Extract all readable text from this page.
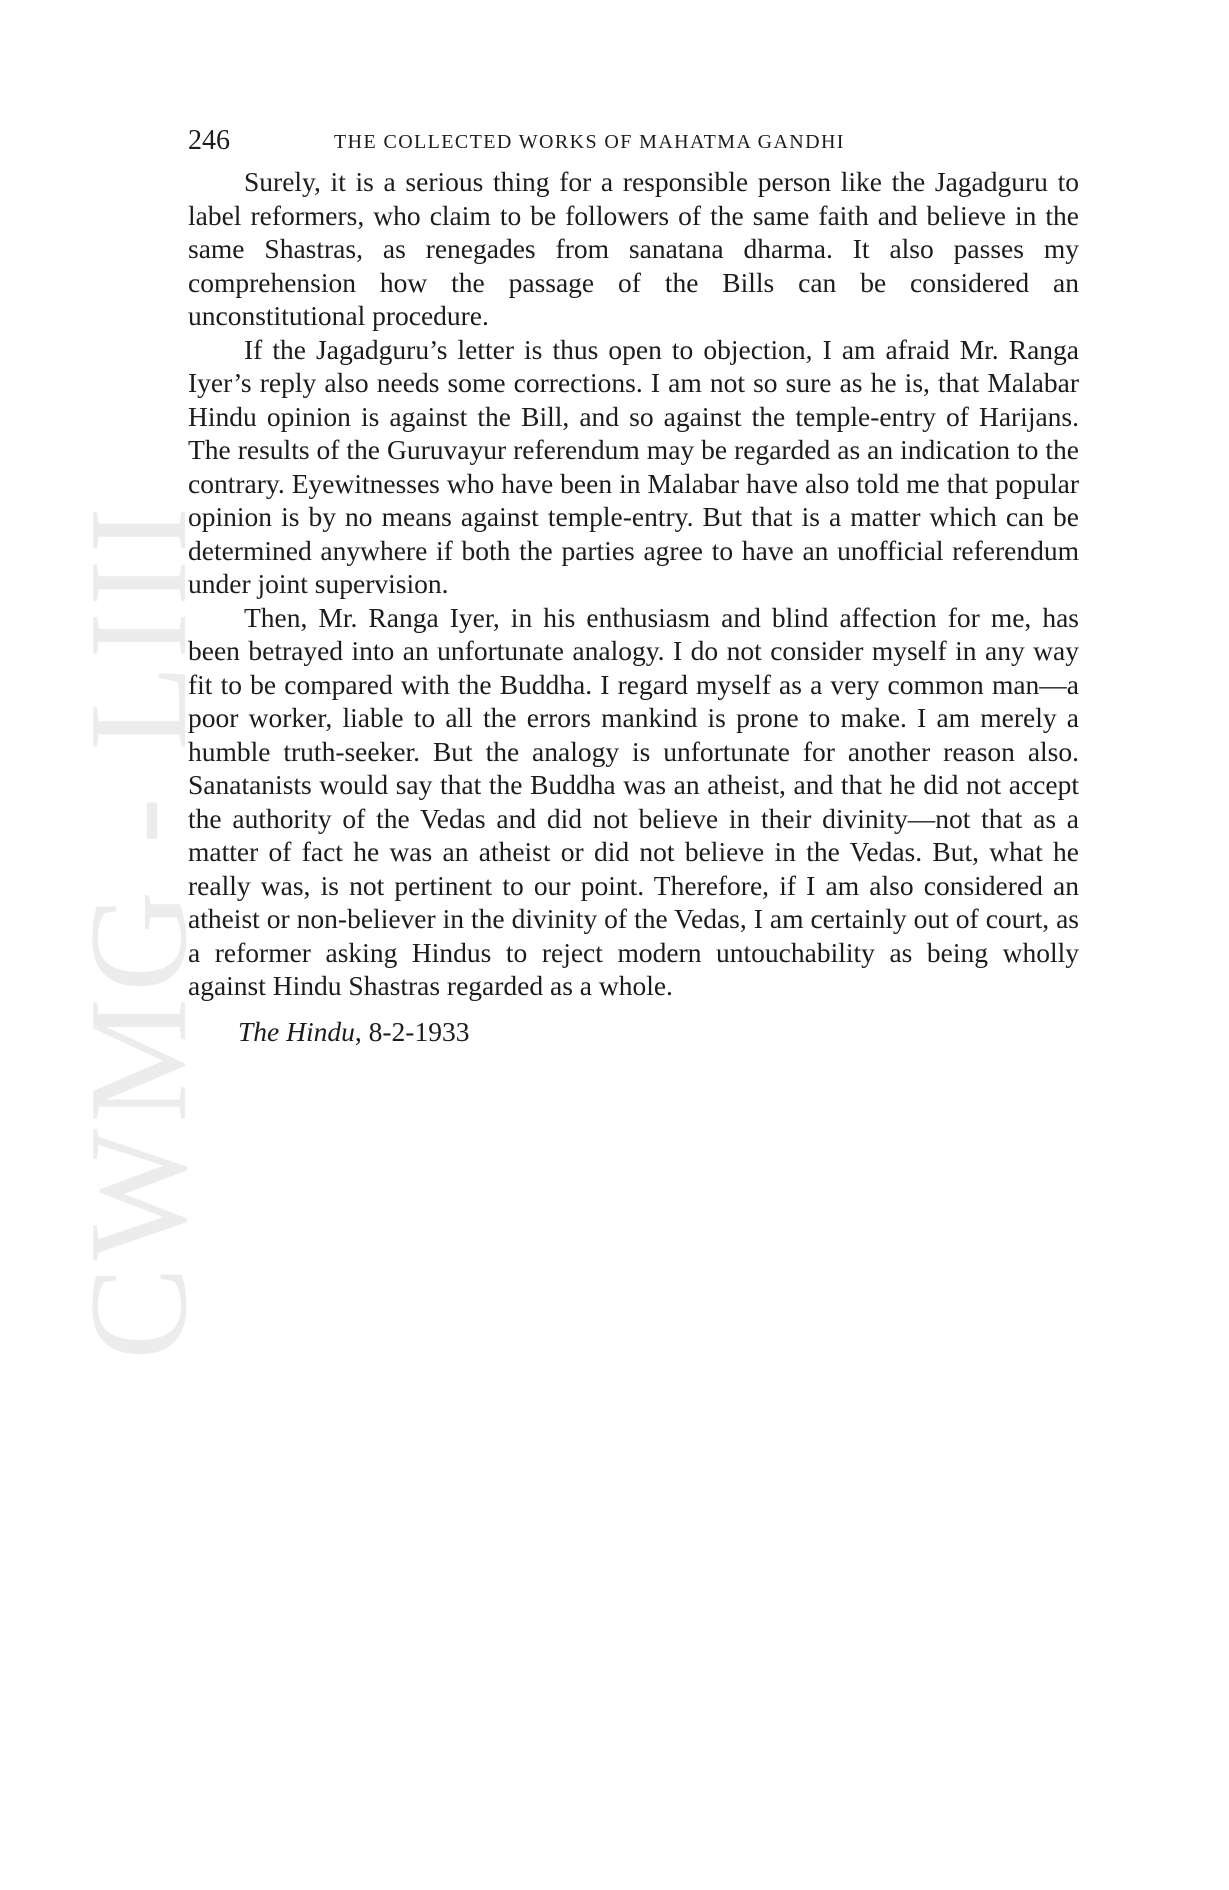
CWMG - LIII
246	THE COLLECTED WORKS OF MAHATMA GANDHI

Surely, it is a serious thing for a responsible person like the Jagadguru to label reformers, who claim to be followers of the same faith and believe in the same Shastras, as renegades from sanatana dharma. It also passes my comprehension how the passage of the Bills can be considered an unconstitutional procedure.

If the Jagadguru’s letter is thus open to objection, I am afraid Mr. Ranga Iyer’s reply also needs some corrections. I am not so sure as he is, that Malabar Hindu opinion is against the Bill, and so against the temple-entry of Harijans. The results of the Guruvayur referendum may be regarded as an indication to the contrary. Eyewitnesses who have been in Malabar have also told me that popular opinion is by no means against temple-entry. But that is a matter which can be determined anywhere if both the parties agree to have an unofficial referendum under joint supervision.

Then, Mr. Ranga Iyer, in his enthusiasm and blind affection for me, has been betrayed into an unfortunate analogy. I do not consider myself in any way fit to be compared with the Buddha. I regard myself as a very common man—a poor worker, liable to all the errors mankind is prone to make. I am merely a humble truth-seeker. But the analogy is unfortunate for another reason also. Sanatanists would say that the Buddha was an atheist, and that he did not accept the authority of the Vedas and did not believe in their divinity—not that as a matter of fact he was an atheist or did not believe in the Vedas. But, what he really was, is not pertinent to our point. Therefore, if I am also considered an atheist or non-believer in the divinity of the Vedas, I am certainly out of court, as a reformer asking Hindus to reject modern untouchability as being wholly against Hindu Shastras regarded as a whole.

The Hindu, 8-2-1933
